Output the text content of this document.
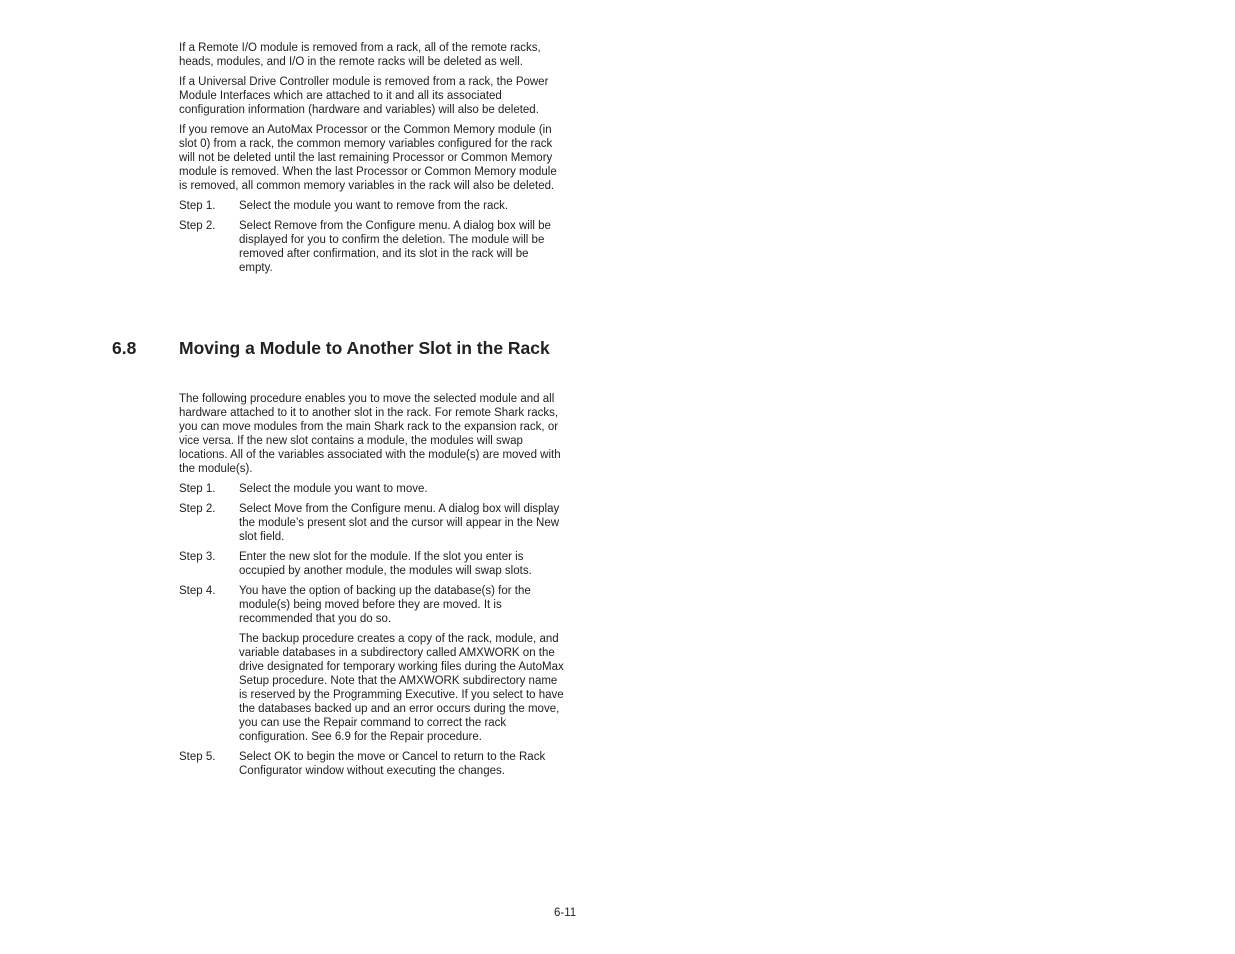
If a Remote I/O module is removed from a rack, all of the remote racks, heads, modules, and I/O in the remote racks will be deleted as well.

If a Universal Drive Controller module is removed from a rack, the Power Module Interfaces which are attached to it and all its associated configuration information (hardware and variables) will also be deleted.

If you remove an AutoMax Processor or the Common Memory module (in slot 0) from a rack, the common memory variables configured for the rack will not be deleted until the last remaining Processor or Common Memory module is removed. When the last Processor or Common Memory module is removed, all common memory variables in the rack will also be deleted.

Step 1.	Select the module you want to remove from the rack.
Step 2.	Select Remove from the Configure menu. A dialog box will be displayed for you to confirm the deletion. The module will be removed after confirmation, and its slot in the rack will be empty.
6.8 Moving a Module to Another Slot in the Rack

The following procedure enables you to move the selected module and all hardware attached to it to another slot in the rack. For remote Shark racks, you can move modules from the main Shark rack to the expansion rack, or vice versa. If the new slot contains a module, the modules will swap locations. All of the variables associated with the module(s) are moved with the module(s).

Step 1.	Select the module you want to move.
Step 2.	Select Move from the Configure menu. A dialog box will display the module’s present slot and the cursor will appear in the New slot field.
Step 3.	Enter the new slot for the module. If the slot you enter is occupied by another module, the modules will swap slots.
Step 4.	You have the option of backing up the database(s) for the module(s) being moved before they are moved. It is recommended that you do so.

The backup procedure creates a copy of the rack, module, and variable databases in a subdirectory called AMXWORK on the drive designated for temporary working files during the AutoMax Setup procedure. Note that the AMXWORK subdirectory name is reserved by the Programming Executive. If you select to have the databases backed up and an error occurs during the move, you can use the Repair command to correct the rack configuration. See 6.9 for the Repair procedure.

Step 5.	Select OK to begin the move or Cancel to return to the Rack Configurator window without executing the changes.
6-11
